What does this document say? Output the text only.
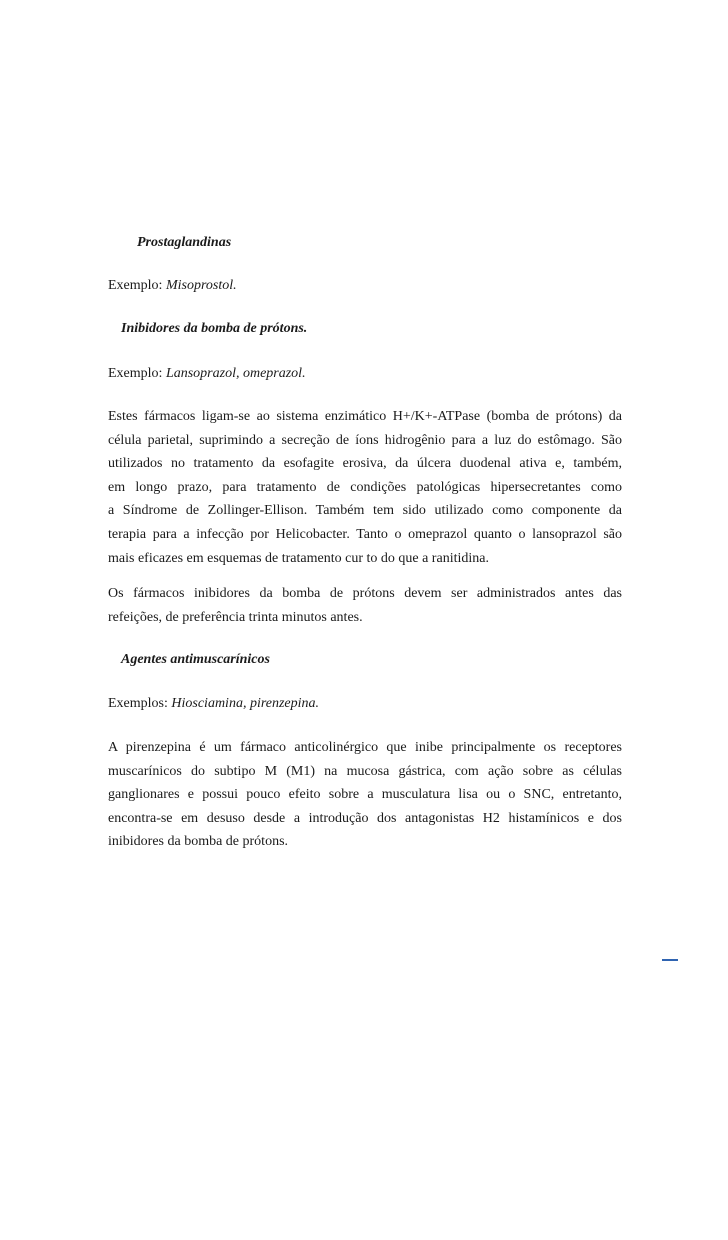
Prostaglandinas
Exemplo: Misoprostol.
Inibidores da bomba de prótons.
Exemplo: Lansoprazol, omeprazol.
Estes fármacos ligam-se ao sistema enzimático H+/K+-ATPase (bomba de prótons) da
célula parietal, suprimindo a secreção de íons hidrogênio para a luz do estômago. São
utilizados no tratamento da esofagite erosiva, da úlcera duodenal ativa e, também,
em longo prazo, para tratamento de condições patológicas hipersecretantes como
a Síndrome de Zollinger-Ellison. Também tem sido utilizado como componente da
terapia para a infecção por Helicobacter. Tanto o omeprazol quanto o lansoprazol são
mais eficazes em esquemas de tratamento cur to do que a ranitidina.
Os fármacos inibidores da bomba de prótons devem ser administrados antes das
refeições, de preferência trinta minutos antes.
Agentes antimuscarínicos
Exemplos: Hiosciamina, pirenzepina.
A pirenzepina é um fármaco anticolinérgico que inibe principalmente os receptores
muscarínicos do subtipo M (M1) na mucosa gástrica, com ação sobre as células
ganglionares e possui pouco efeito sobre a musculatura lisa ou o SNC, entretanto,
encontra-se em desuso desde a introdução dos antagonistas H2 histamínicos e dos
inibidores da bomba de prótons.
